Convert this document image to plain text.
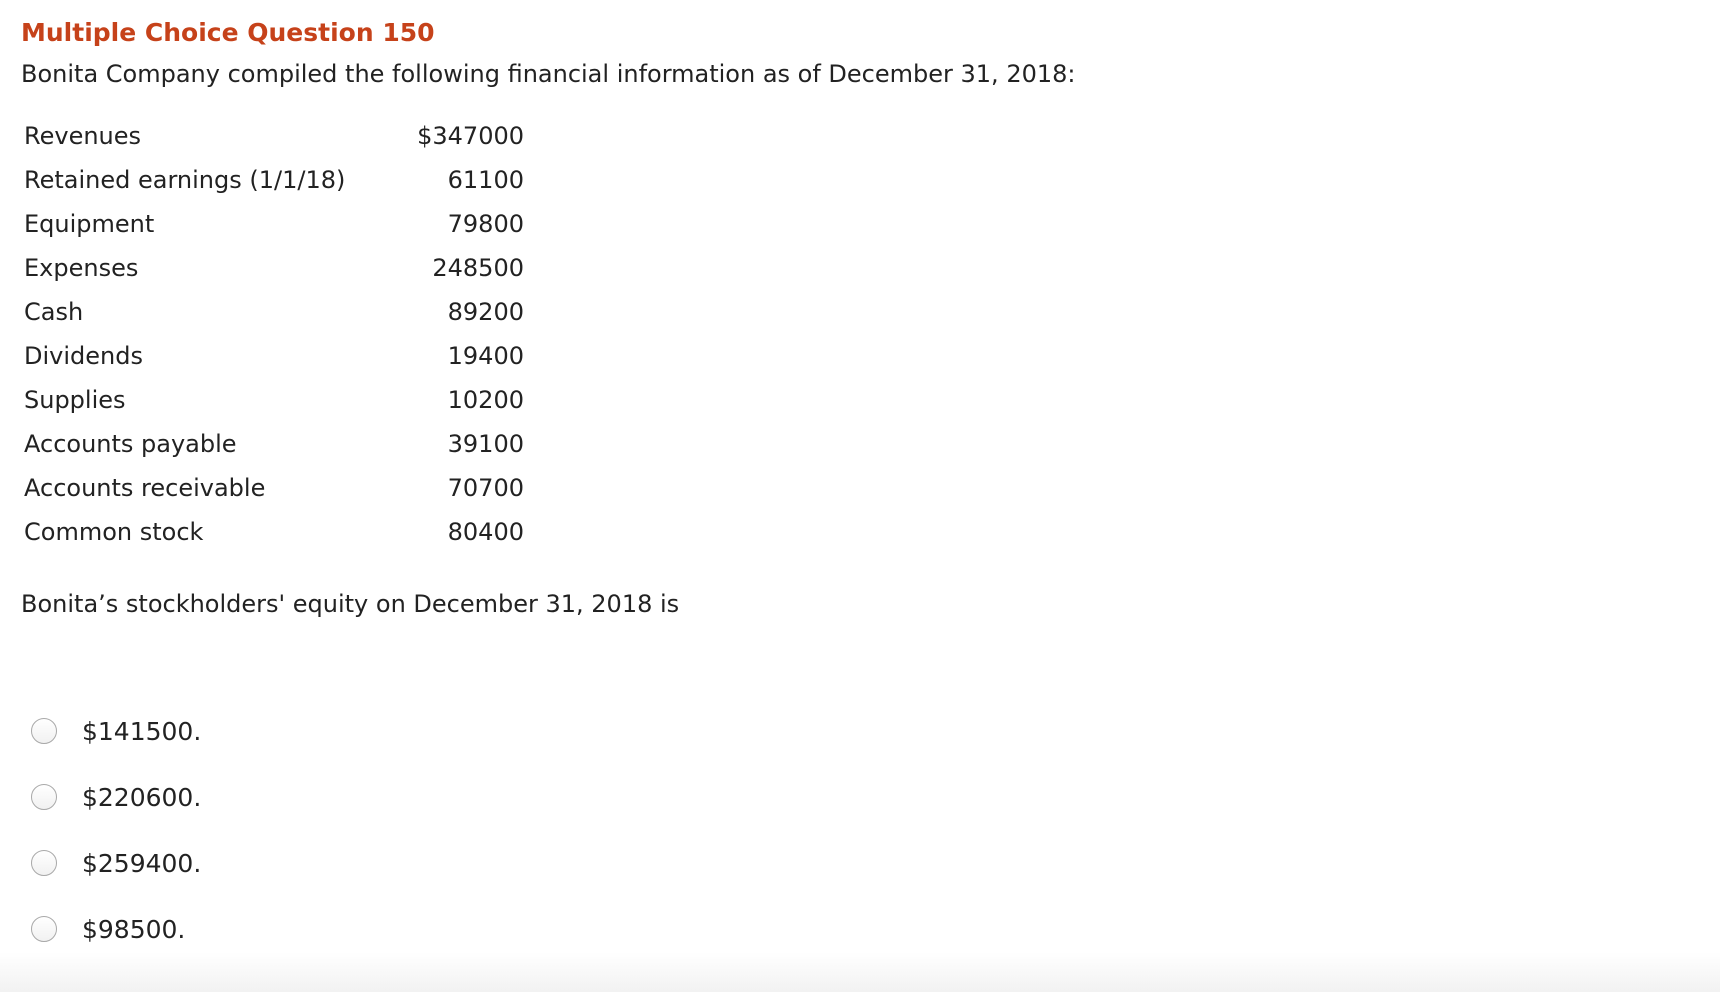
Multiple Choice Question 150
Bonita Company compiled the following financial information as of December 31, 2018:
Revenues	$347000
Retained earnings (1/1/18)	61100
Equipment	79800
Expenses	248500
Cash	89200
Dividends	19400
Supplies	10200
Accounts payable	39100
Accounts receivable	70700
Common stock	80400
Bonita’s stockholders' equity on December 31, 2018 is
$141500.
$220600.
$259400.
$98500.
